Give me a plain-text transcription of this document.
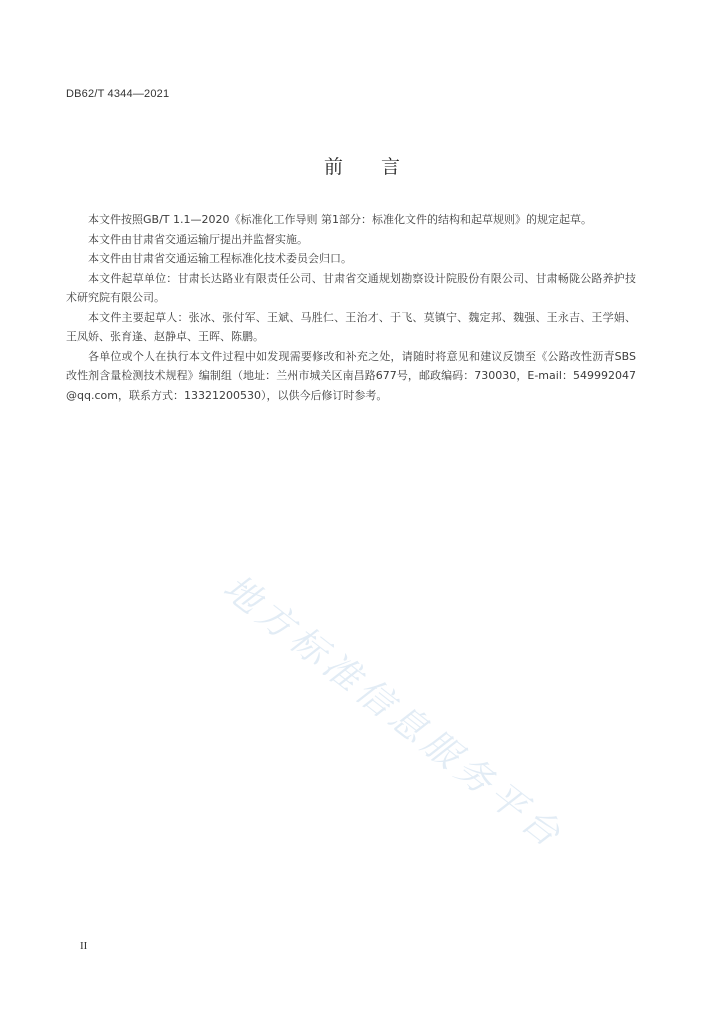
DB62/T 4344—2021
前言

本文件按照GB/T 1.1—2020《标准化工作导则 第1部分：标准化文件的结构和起草规则》的规定起草。

本文件由甘肃省交通运输厅提出并监督实施。

本文件由甘肃省交通运输工程标准化技术委员会归口。

本文件起草单位：甘肃长达路业有限责任公司、甘肃省交通规划勘察设计院股份有限公司、甘肃畅陇公路养护技术研究院有限公司。

本文件主要起草人：张冰、张付军、王斌、马胜仁、王治才、于飞、莫镇宁、魏定邦、魏强、王永吉、王学娟、王凤娇、张育逢、赵静卓、王晖、陈鹏。

各单位或个人在执行本文件过程中如发现需要修改和补充之处，请随时将意见和建议反馈至《公路改性沥青SBS改性剂含量检测技术规程》编制组（地址：兰州市城关区南昌路677号，邮政编码：730030，E-mail：549992047@qq.com，联系方式：13321200530），以供今后修订时参考。

地方标准信息服务平台
II
